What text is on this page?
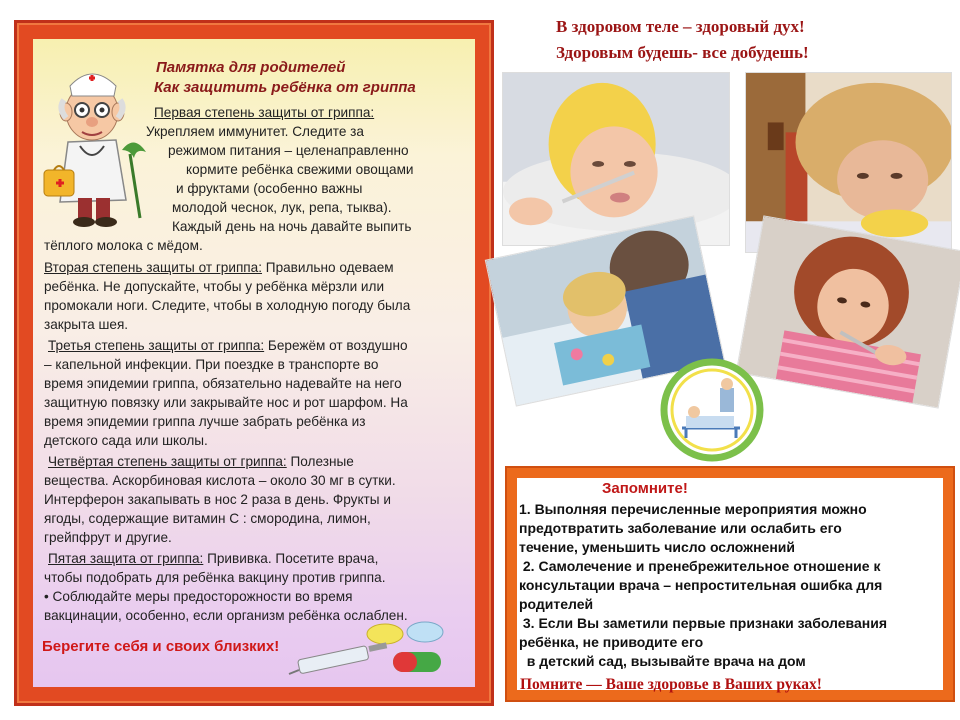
Памятка для родителей
Как защитить ребёнка от гриппа
Первая степень защиты от гриппа:
Укрепляем иммунитет. Следите за
режимом питания – целенаправленно
кормите ребёнка свежими овощами
и фруктами (особенно важны
молодой чеснок, лук, репа, тыква).
Каждый день на ночь давайте выпить
тёплого молока с мёдом.
Вторая степень защиты от гриппа: Правильно одеваем
ребёнка. Не допускайте, чтобы у ребёнка мёрзли или
промокали ноги. Следите, чтобы в холодную погоду была
закрыта шея.
Третья степень защиты от гриппа: Бережём от воздушно
– капельной инфекции. При поездке в транспорте во
время эпидемии гриппа, обязательно надевайте на него
защитную повязку или закрывайте нос и рот шарфом. На
время эпидемии гриппа лучше забрать ребёнка из
детского сада или школы.
Четвёртая степень защиты от гриппа: Полезные
вещества. Аскорбиновая кислота – около 30 мг в сутки.
Интерферон закапывать в нос 2 раза в день. Фрукты и
ягоды, содержащие витамин С : смородина, лимон,
грейпфрут и другие.
Пятая защита от гриппа: Прививка. Посетите врача,
чтобы подобрать для ребёнка вакцину против гриппа.
• Соблюдайте меры предосторожности во время
вакцинации, особенно, если организм ребёнка ослаблен.
Берегите себя и своих близких!
В здоровом теле – здоровый дух!
Здоровым будешь- все добудешь!
Запомните!
1. Выполняя перечисленные мероприятия можно
предотвратить заболевание или ослабить его
течение, уменьшить число осложнений
2. Самолечение и пренебрежительное отношение к
консультации врача – непростительная ошибка для
родителей
3. Если Вы заметили первые признаки заболевания
ребёнка, не приводите его
в детский сад, вызывайте врача на дом
Помните — Ваше здоровье в Ваших руках!
